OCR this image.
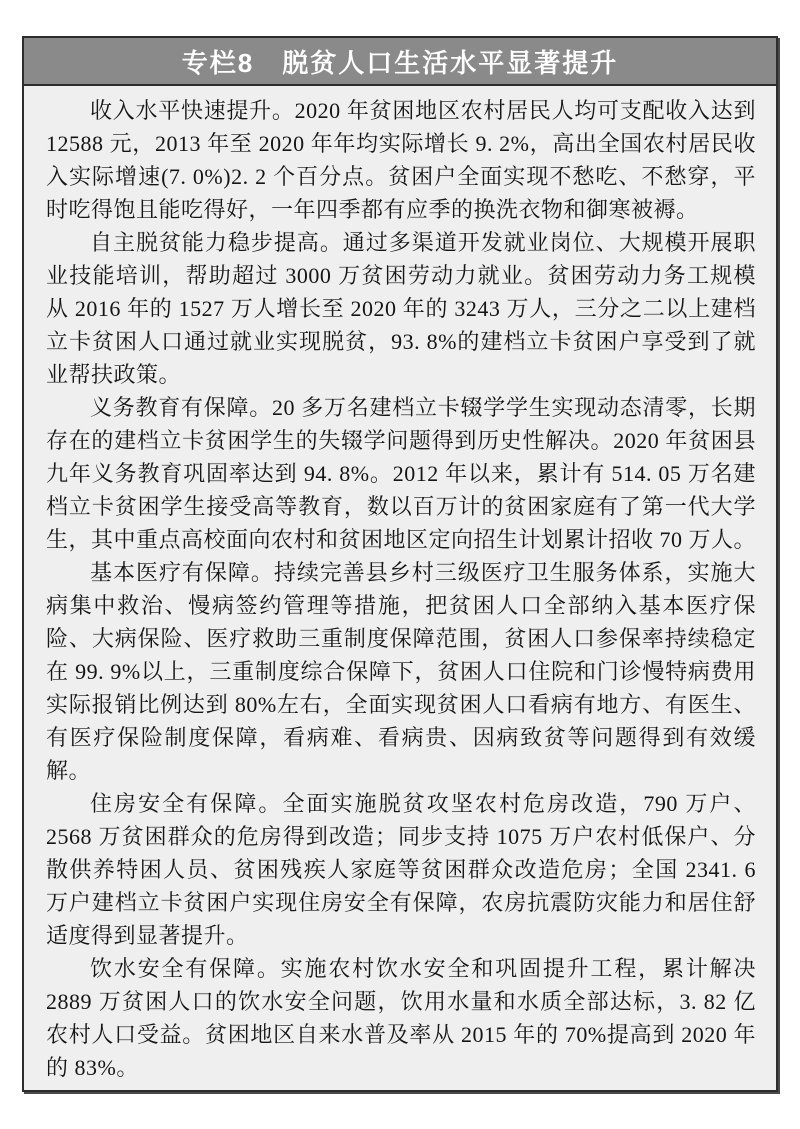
专栏8　脱贫人口生活水平显著提升

收入水平快速提升。2020 年贫困地区农村居民人均可支配收入达到 12588 元，2013 年至 2020 年年均实际增长 9. 2%，高出全国农村居民收入实际增速(7. 0%)2. 2 个百分点。贫困户全面实现不愁吃、不愁穿，平时吃得饱且能吃得好，一年四季都有应季的换洗衣物和御寒被褥。

自主脱贫能力稳步提高。通过多渠道开发就业岗位、大规模开展职业技能培训，帮助超过 3000 万贫困劳动力就业。贫困劳动力务工规模从 2016 年的 1527 万人增长至 2020 年的 3243 万人，三分之二以上建档立卡贫困人口通过就业实现脱贫，93. 8%的建档立卡贫困户享受到了就业帮扶政策。

义务教育有保障。20 多万名建档立卡辍学学生实现动态清零，长期存在的建档立卡贫困学生的失辍学问题得到历史性解决。2020 年贫困县九年义务教育巩固率达到 94. 8%。2012 年以来，累计有 514. 05 万名建档立卡贫困学生接受高等教育，数以百万计的贫困家庭有了第一代大学生，其中重点高校面向农村和贫困地区定向招生计划累计招收 70 万人。

基本医疗有保障。持续完善县乡村三级医疗卫生服务体系，实施大病集中救治、慢病签约管理等措施，把贫困人口全部纳入基本医疗保险、大病保险、医疗救助三重制度保障范围，贫困人口参保率持续稳定在 99. 9%以上，三重制度综合保障下，贫困人口住院和门诊慢特病费用实际报销比例达到 80%左右，全面实现贫困人口看病有地方、有医生、有医疗保险制度保障，看病难、看病贵、因病致贫等问题得到有效缓解。

住房安全有保障。全面实施脱贫攻坚农村危房改造，790 万户、2568 万贫困群众的危房得到改造；同步支持 1075 万户农村低保户、分散供养特困人员、贫困残疾人家庭等贫困群众改造危房；全国 2341. 6 万户建档立卡贫困户实现住房安全有保障，农房抗震防灾能力和居住舒适度得到显著提升。

饮水安全有保障。实施农村饮水安全和巩固提升工程，累计解决 2889 万贫困人口的饮水安全问题，饮用水量和水质全部达标，3. 82 亿农村人口受益。贫困地区自来水普及率从 2015 年的 70%提高到 2020 年的 83%。
